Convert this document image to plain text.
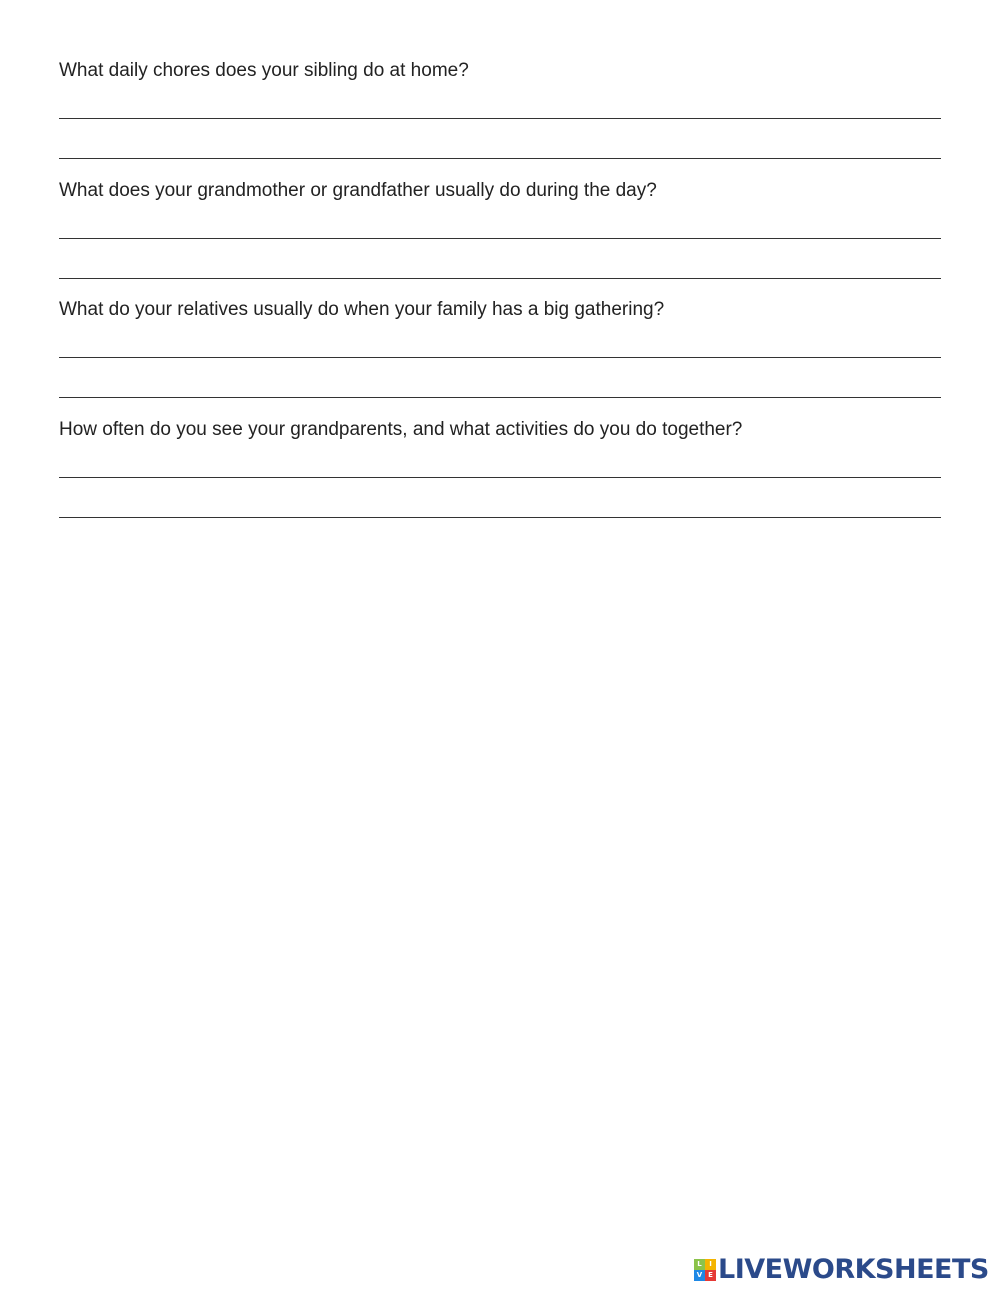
What daily chores does your sibling do at home?
What does your grandmother or grandfather usually do during the day?
What do your relatives usually do when your family has a big gathering?
How often do you see your grandparents, and what activities do you do together?
L	I
V E LIVEWORKSHEETS
